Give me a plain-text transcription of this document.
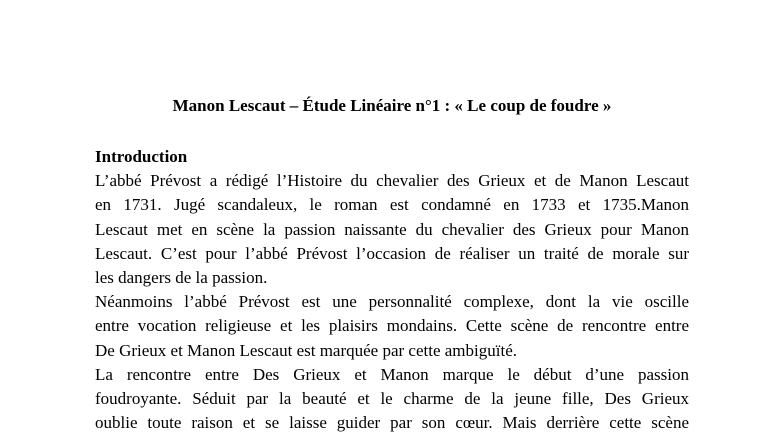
Manon Lescaut – Étude Linéaire n°1 : « Le coup de foudre »
Introduction
L’abbé Prévost a rédigé l’Histoire du chevalier des Grieux et de Manon Lescaut
en 1731. Jugé scandaleux, le roman est condamné en 1733 et 1735.Manon
Lescaut met en scène la passion naissante du chevalier des Grieux pour Manon
Lescaut. C’est pour l’abbé Prévost l’occasion de réaliser un traité de morale sur
les dangers de la passion.
Néanmoins l’abbé Prévost est une personnalité complexe, dont la vie oscille
entre vocation religieuse et les plaisirs mondains. Cette scène de rencontre entre
De Grieux et Manon Lescaut est marquée par cette ambiguïté.
La rencontre entre Des Grieux et Manon marque le début d’une passion
foudroyante. Séduit par la beauté et le charme de la jeune fille, Des Grieux
oublie toute raison et se laisse guider par son cœur. Mais derrière cette scène
